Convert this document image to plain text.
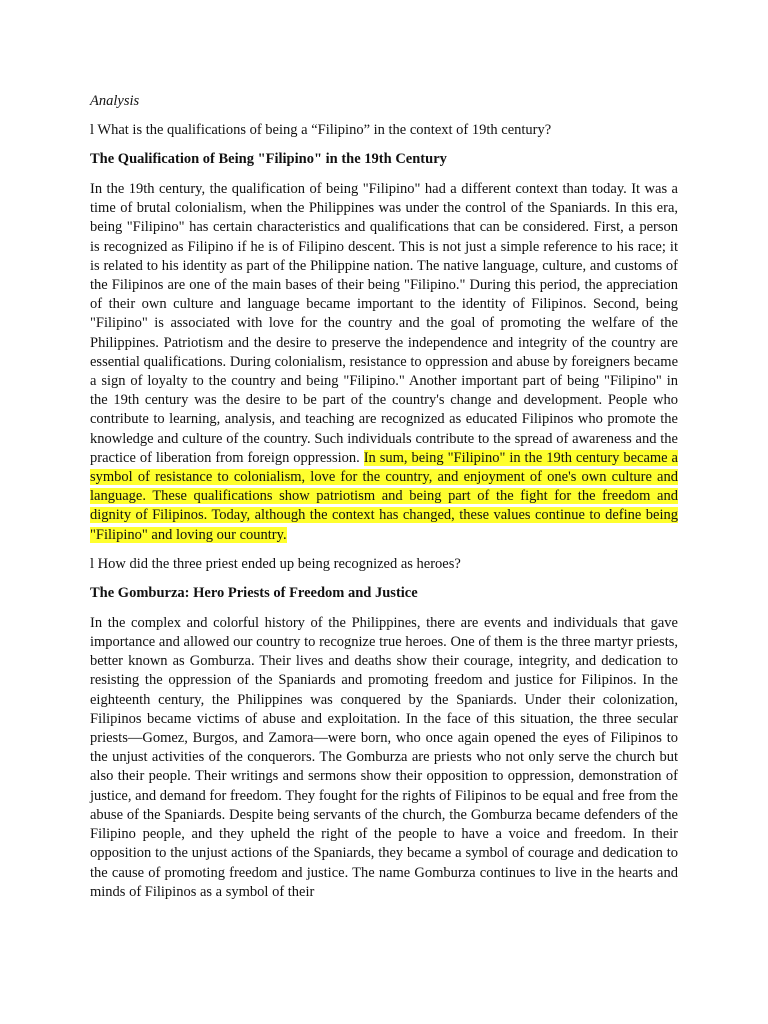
Analysis

l What is the qualifications of being a “Filipino” in the context of 19th century?

The Qualification of Being "Filipino" in the 19th Century

In the 19th century, the qualification of being "Filipino" had a different context than today. It was a time of brutal colonialism, when the Philippines was under the control of the Spaniards. In this era, being "Filipino" has certain characteristics and qualifications that can be considered. First, a person is recognized as Filipino if he is of Filipino descent. This is not just a simple reference to his race; it is related to his identity as part of the Philippine nation. The native language, culture, and customs of the Filipinos are one of the main bases of their being "Filipino." During this period, the appreciation of their own culture and language became important to the identity of Filipinos. Second, being "Filipino" is associated with love for the country and the goal of promoting the welfare of the Philippines. Patriotism and the desire to preserve the independence and integrity of the country are essential qualifications. During colonialism, resistance to oppression and abuse by foreigners became a sign of loyalty to the country and being "Filipino." Another important part of being "Filipino" in the 19th century was the desire to be part of the country's change and development. People who contribute to learning, analysis, and teaching are recognized as educated Filipinos who promote the knowledge and culture of the country. Such individuals contribute to the spread of awareness and the practice of liberation from foreign oppression. In sum, being "Filipino" in the 19th century became a symbol of resistance to colonialism, love for the country, and enjoyment of one's own culture and language. These qualifications show patriotism and being part of the fight for the freedom and dignity of Filipinos. Today, although the context has changed, these values continue to define being "Filipino" and loving our country.

l How did the three priest ended up being recognized as heroes?

The Gomburza: Hero Priests of Freedom and Justice

In the complex and colorful history of the Philippines, there are events and individuals that gave importance and allowed our country to recognize true heroes. One of them is the three martyr priests, better known as Gomburza. Their lives and deaths show their courage, integrity, and dedication to resisting the oppression of the Spaniards and promoting freedom and justice for Filipinos. In the eighteenth century, the Philippines was conquered by the Spaniards. Under their colonization, Filipinos became victims of abuse and exploitation. In the face of this situation, the three secular priests—Gomez, Burgos, and Zamora—were born, who once again opened the eyes of Filipinos to the unjust activities of the conquerors. The Gomburza are priests who not only serve the church but also their people. Their writings and sermons show their opposition to oppression, demonstration of justice, and demand for freedom. They fought for the rights of Filipinos to be equal and free from the abuse of the Spaniards. Despite being servants of the church, the Gomburza became defenders of the Filipino people, and they upheld the right of the people to have a voice and freedom. In their opposition to the unjust actions of the Spaniards, they became a symbol of courage and dedication to the cause of promoting freedom and justice. The name Gomburza continues to live in the hearts and minds of Filipinos as a symbol of their
